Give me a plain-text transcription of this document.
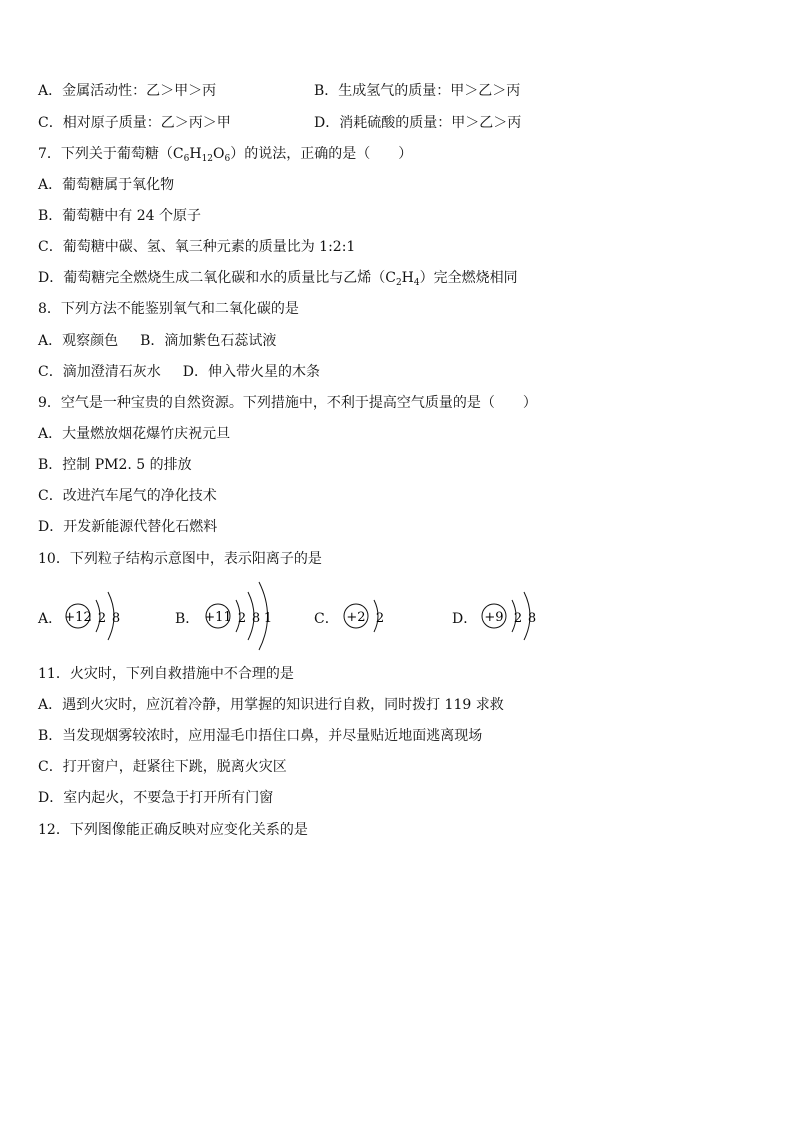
A．金属活动性：乙＞甲＞丙	B．生成氢气的质量：甲＞乙＞丙
C．相对原子质量：乙＞丙＞甲	D．消耗硫酸的质量：甲＞乙＞丙
7．下列关于葡萄糖$(C_6H_{12}O_6)$的说法，正确的是（　　）
A．葡萄糖属于氧化物
B．葡萄糖中有 24 个原子
C．葡萄糖中碳、氢、氧三种元素的质量比为 1:2:1
D．葡萄糖完全燃烧生成二氧化碳和水的质量比与乙烯$(C_2H_4)$完全燃烧相同
8．下列方法不能鉴别氧气和二氧化碳的是
A．观察颜色 B．滴加紫色石蕊试液
C．滴加澄清石灰水 D．伸入带火星的木条
9．空气是一种宝贵的自然资源。下列措施中，不利于提高空气质量的是（　　）
A．大量燃放烟花爆竹庆祝元旦
B．控制 PM2. 5 的排放
C．改进汽车尾气的净化技术
D．开发新能源代替化石燃料
10．下列粒子结构示意图中，表示阳离子的是
A． +12 2 8	B． +11 2 8 1	C． +2 2	D． +9 2 8
11．火灾时，下列自救措施中不合理的是
A．遇到火灾时，应沉着冷静，用掌握的知识进行自救，同时拨打 119 求救
B．当发现烟雾较浓时，应用湿毛巾捂住口鼻，并尽量贴近地面逃离现场
C．打开窗户，赶紧往下跳，脱离火灾区
D．室内起火，不要急于打开所有门窗
12．下列图像能正确反映对应变化关系的是
